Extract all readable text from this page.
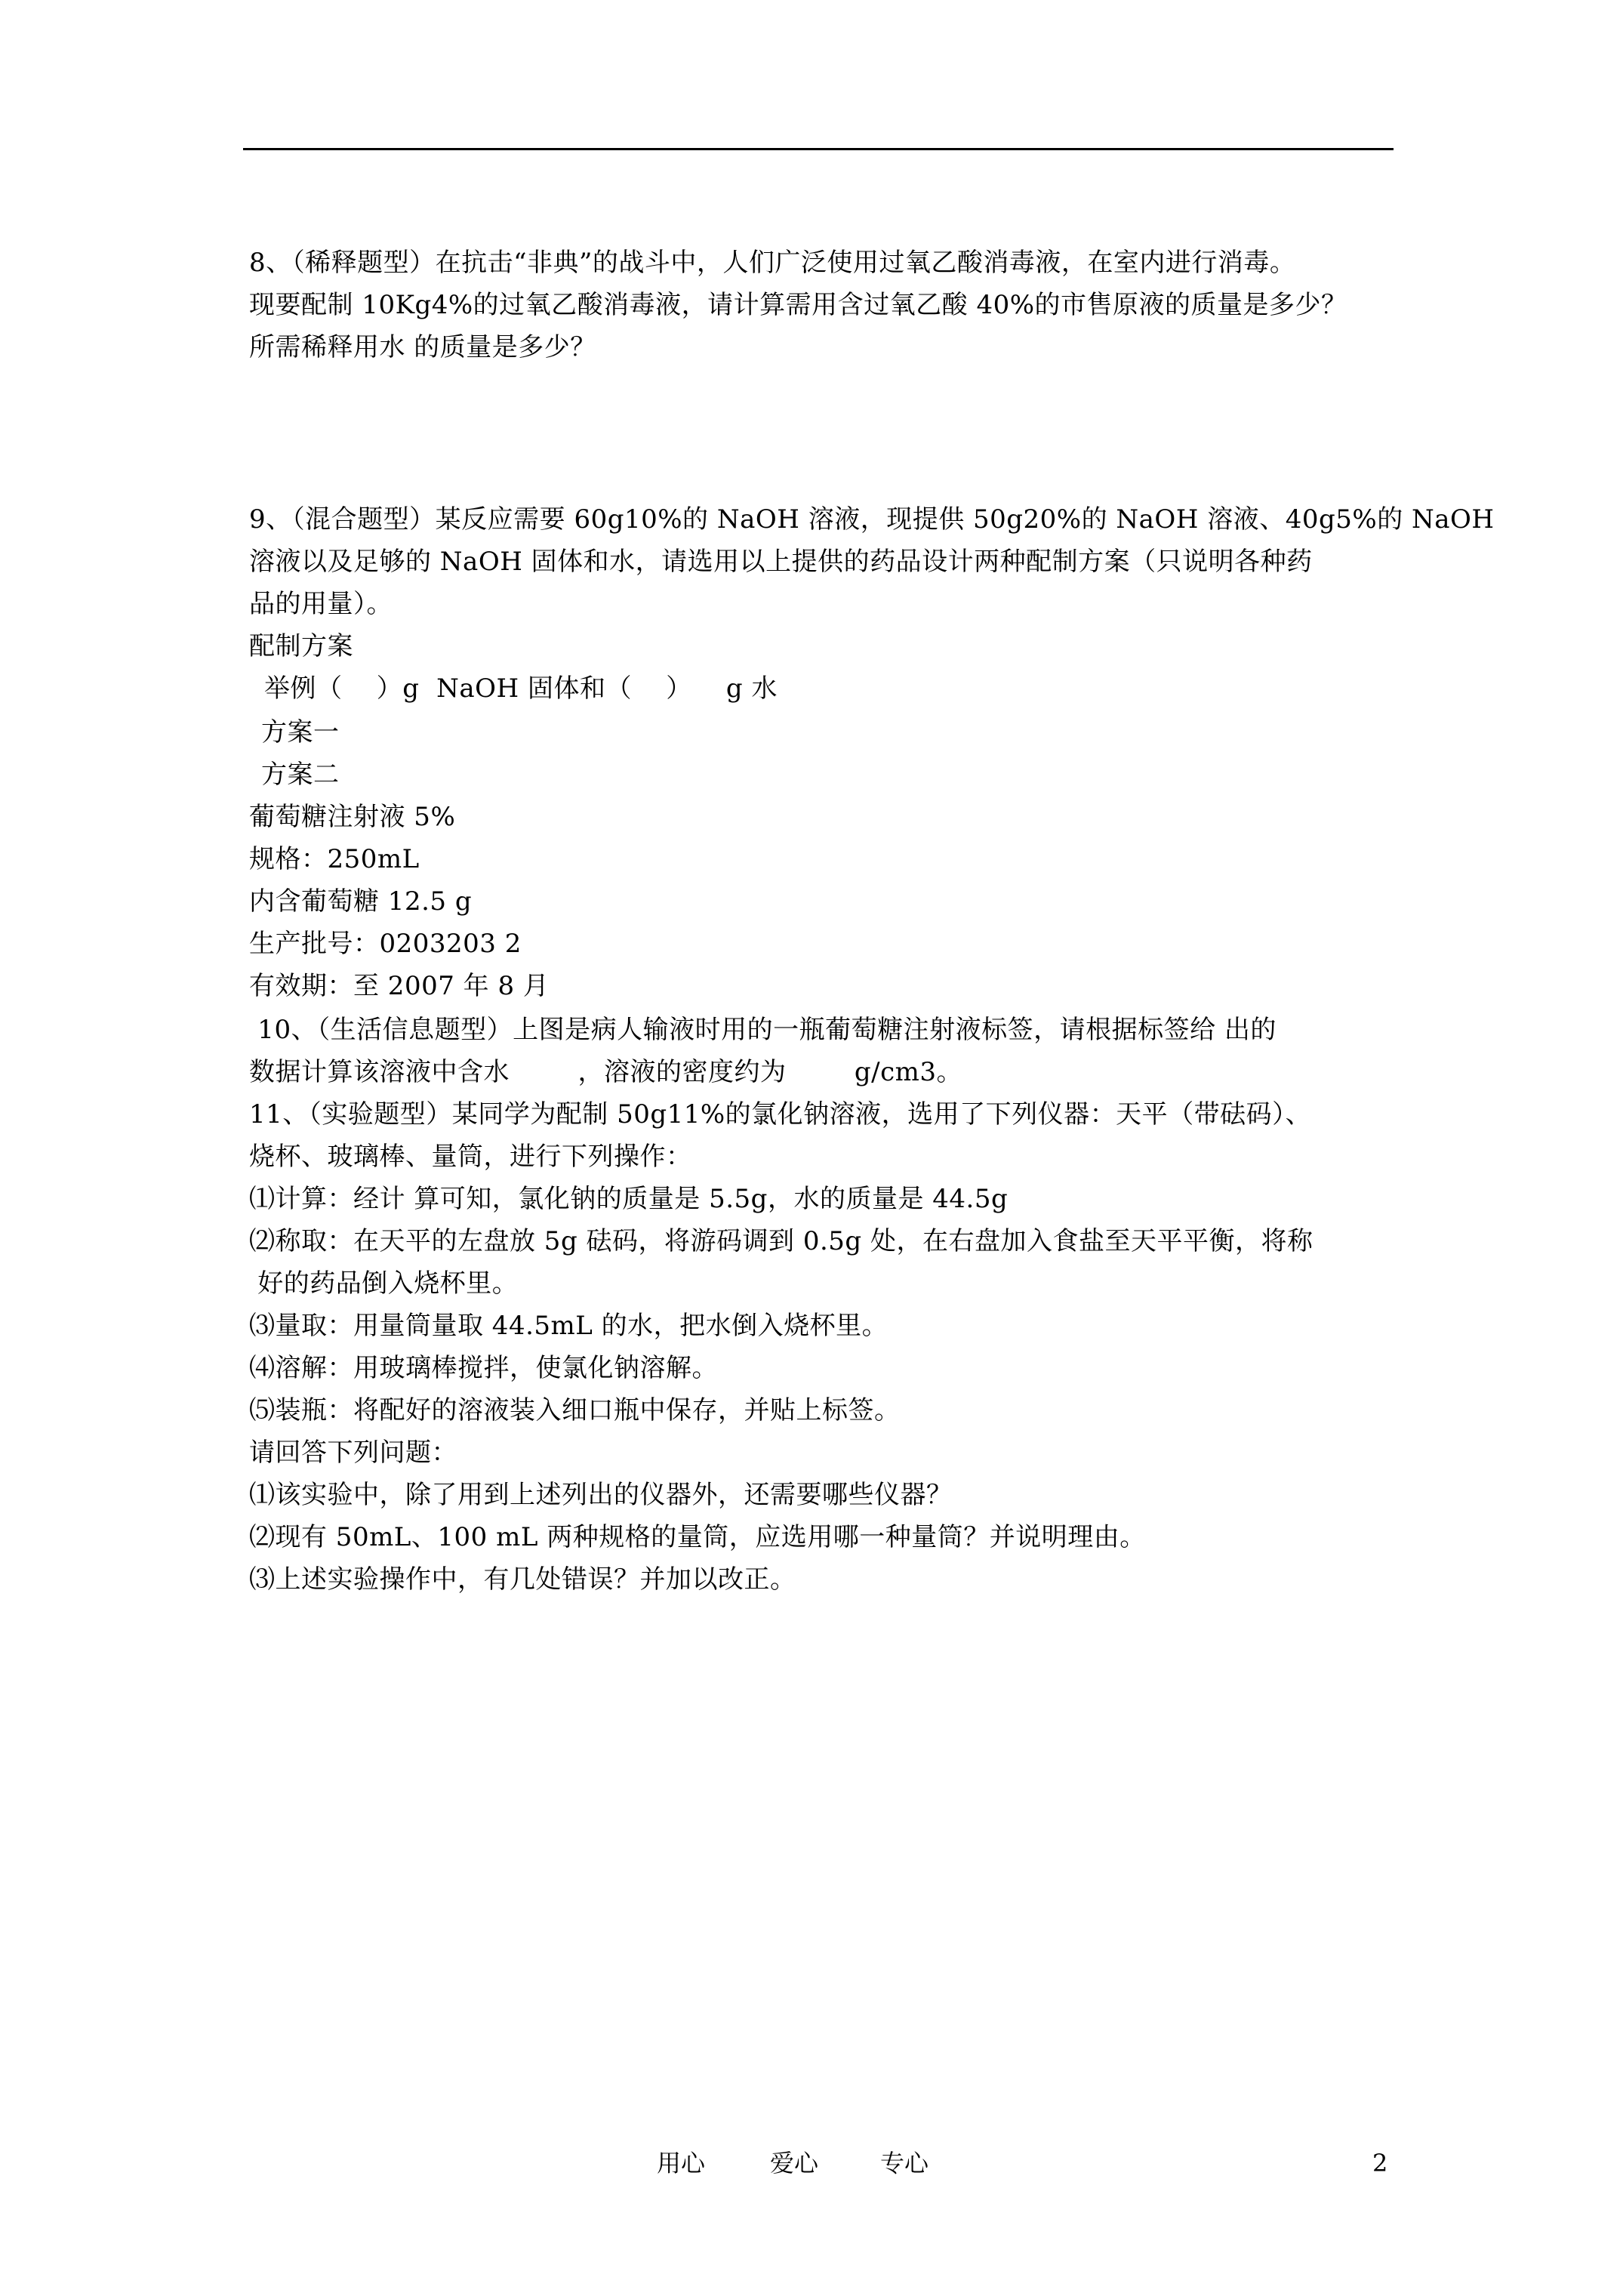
8、（稀释题型）在抗击“非典”的战斗中，人们广泛使用过氧乙酸消毒液，在室内进行消毒。
现要配制 10Kg4%的过氧乙酸消毒液，请计算需用含过氧乙酸 40%的市售原液的质量是多少？
所需稀释用水 的质量是多少？
9、（混合题型）某反应需要 60g10%的 NaOH 溶液，现提供 50g20%的 NaOH 溶液、40g5%的 NaOH
溶液以及足够的 NaOH 固体和水，请选用以上提供的药品设计两种配制方案（只说明各种药
品的用量）。
配制方案
举例（    ）g  NaOH 固体和（    ）    g 水
方案一
方案二
葡萄糖注射液 5%
规格：250mL
内含葡萄糖 12.5 g
生产批号：0203203 2
有效期：至 2007 年 8 月
10、（生活信息题型）上图是病人输液时用的一瓶葡萄糖注射液标签，请根据标签给 出的
数据计算该溶液中含水        ，溶液的密度约为        g/cm3。
11、（实验题型）某同学为配制 50g11%的氯化钠溶液，选用了下列仪器：天平（带砝码）、
烧杯、玻璃棒、量筒，进行下列操作：
⑴计算：经计 算可知，氯化钠的质量是 5.5g，水的质量是 44.5g
⑵称取：在天平的左盘放 5g 砝码，将游码调到 0.5g 处，在右盘加入食盐至天平平衡，将称
好的药品倒入烧杯里。
⑶量取：用量筒量取 44.5mL 的水，把水倒入烧杯里。
⑷溶解：用玻璃棒搅拌，使氯化钠溶解。
⑸装瓶：将配好的溶液装入细口瓶中保存，并贴上标签。
请回答下列问题：
⑴该实验中，除了用到上述列出的仪器外，还需要哪些仪器？
⑵现有 50mL、100 mL 两种规格的量筒，应选用哪一种量筒？并说明理由。
⑶上述实验操作中，有几处错误？并加以改正。
用心	爱心	专心	2
